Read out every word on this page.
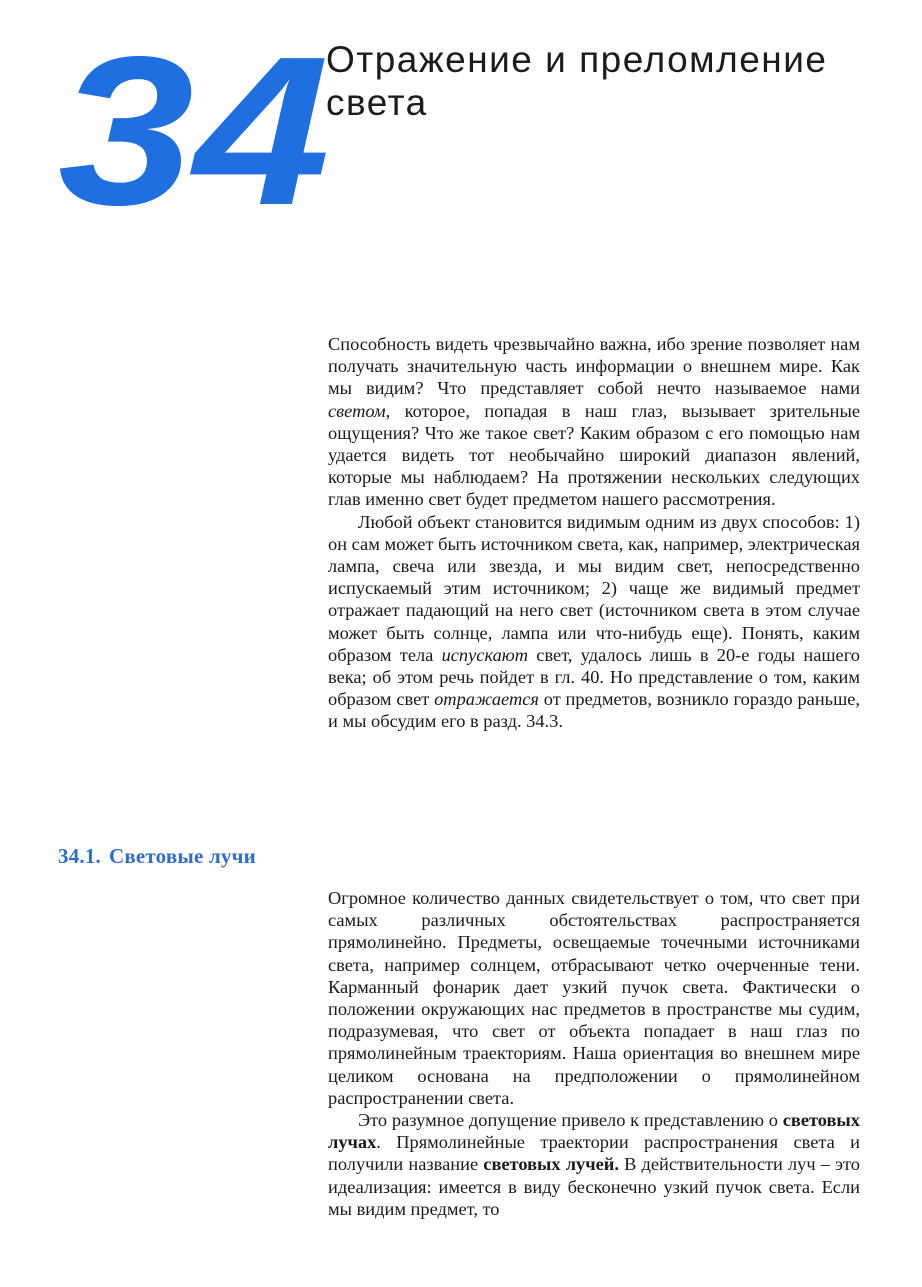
34
Отражение и преломление света

Способность видеть чрезвычайно важна, ибо зрение позволяет нам получать значительную часть информации о внешнем мире. Как мы видим? Что представляет собой нечто называемое нами светом, которое, попадая в наш глаз, вызывает зрительные ощущения? Что же такое свет? Каким образом с его помощью нам удается видеть тот необычайно широкий диапазон явлений, которые мы наблюдаем? На протяжении нескольких следующих глав именно свет будет предметом нашего рассмотрения.

Любой объект становится видимым одним из двух способов: 1) он сам может быть источником света, как, например, электрическая лампа, свеча или звезда, и мы видим свет, непосредственно испускаемый этим источником; 2) чаще же видимый предмет отражает падающий на него свет (источником света в этом случае может быть солнце, лампа или что-нибудь еще). Понять, каким образом тела испускают свет, удалось лишь в 20-е годы нашего века; об этом речь пойдет в гл. 40. Но представление о том, каким образом свет отражается от предметов, возникло гораздо раньше, и мы обсудим его в разд. 34.3.

34.1. Световые лучи

Огромное количество данных свидетельствует о том, что свет при самых различных обстоятельствах распространяется прямолинейно. Предметы, освещаемые точечными источниками света, например солнцем, отбрасывают четко очерченные тени. Карманный фонарик дает узкий пучок света. Фактически о положении окружающих нас предметов в пространстве мы судим, подразумевая, что свет от объекта попадает в наш глаз по прямолинейным траекториям. Наша ориентация во внешнем мире целиком основана на предположении о прямолинейном распространении света.

Это разумное допущение привело к представлению о световых лучах. Прямолинейные траектории распространения света и получили название световых лучей. В действительности луч – это идеализация: имеется в виду бесконечно узкий пучок света. Если мы видим предмет, то
